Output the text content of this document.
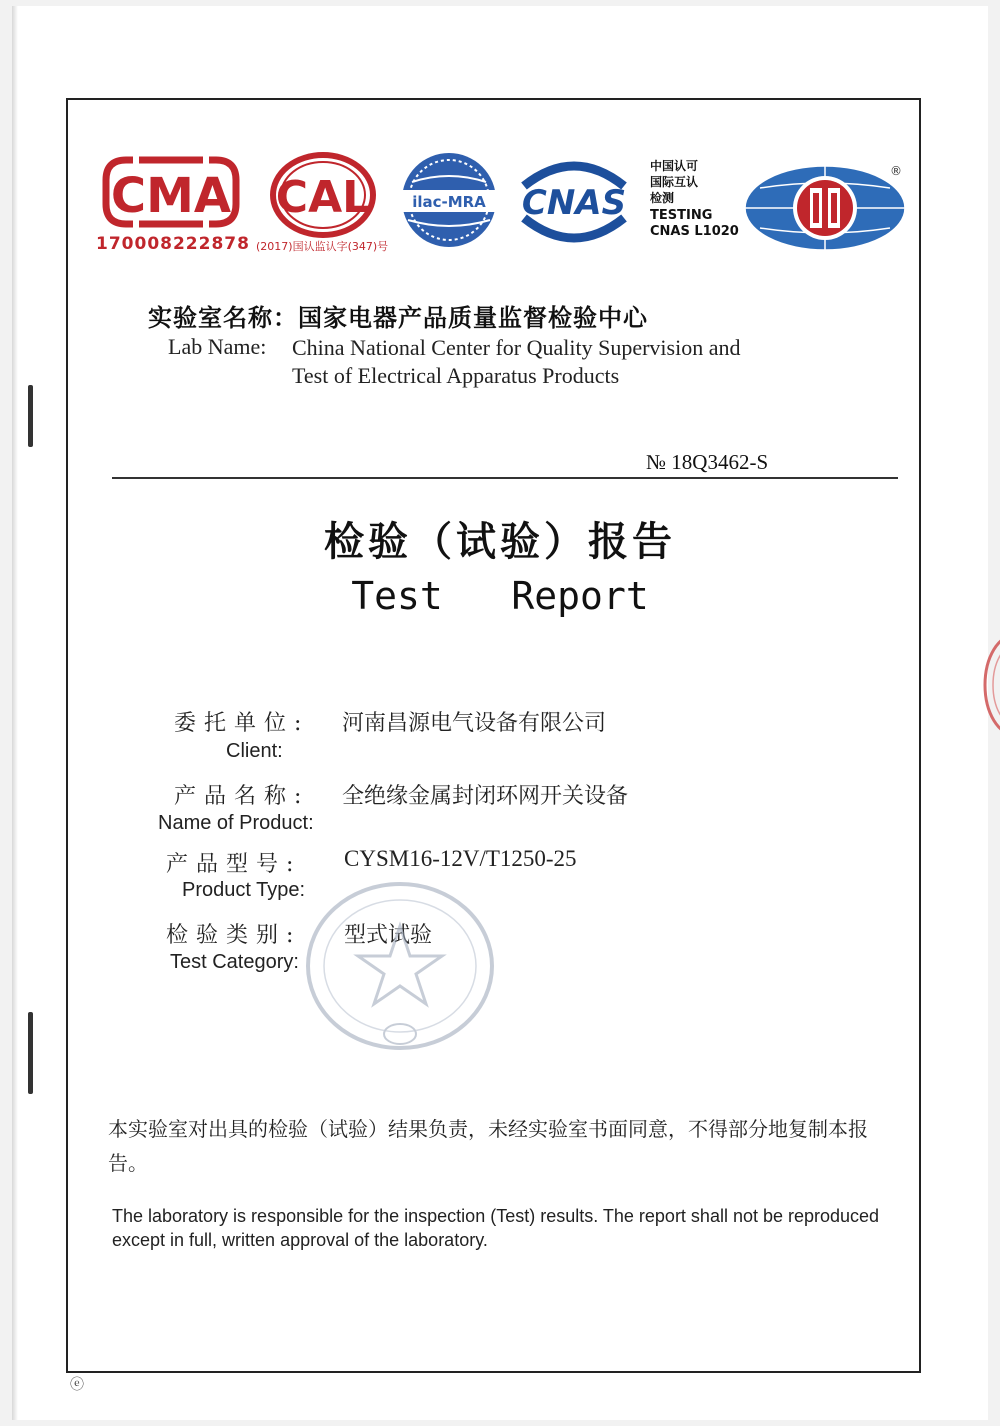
CMA
170008222878
CAL
(2017)国认监认字(347)号
ilac-MRA CNAS
中国认可
国际互认
检测
TESTING
CNAS L1020
®
实验室名称：国家电器产品质量监督检验中心
Lab Name: China National Center for Quality Supervision and Test of Electrical Apparatus Products
№ 18Q3462-S
检验（试验）报告
Test   Report
委托单位: 河南昌源电气设备有限公司
Client:
产品名称: 全绝缘金属封闭环网开关设备
Name of Product:
产品型号: CYSM16-12V/T1250-25
Product Type:
检验类别: 型式试验
Test Category:
本实验室对出具的检验（试验）结果负责，未经实验室书面同意，不得部分地复制本报告。
The laboratory is responsible for the inspection (Test) results. The report shall not be reproduced except in full, written approval of the laboratory.
ⓔ
